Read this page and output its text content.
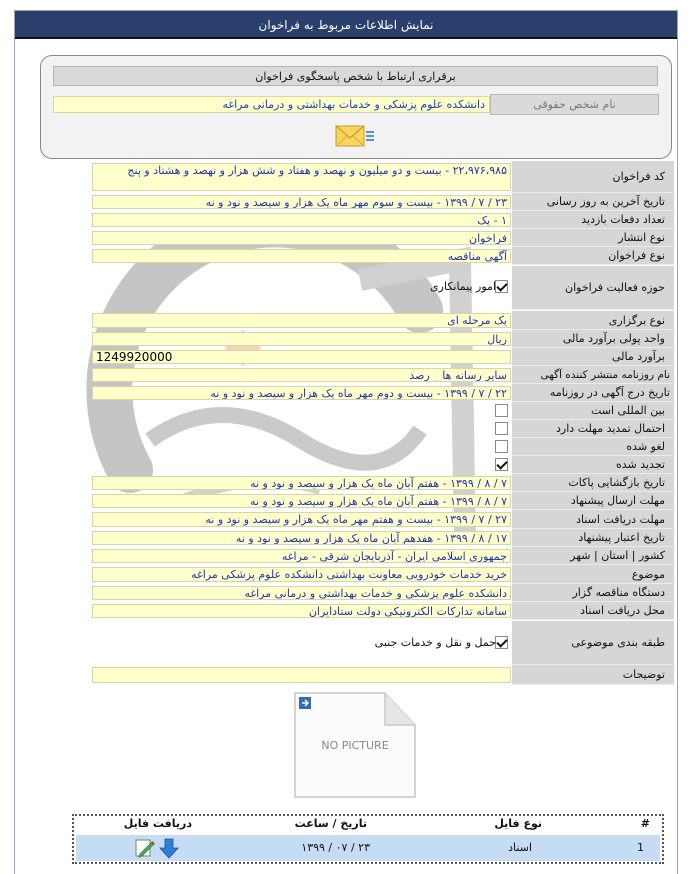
نمایش اطلاعات مربوط به فراخوان
برقراری ارتباط با شخص پاسخگوی فراخوان
نام شخص حقوقی
دانشکده علوم پزشکی و خدمات بهداشتی و درمانی مراغه
کد فراخوان
۲۲،۹۷۶،۹۸۵ - بیست و دو میلیون و نهصد و هفتاد و شش هزار و نهصد و هشتاد و پنج
تاریخ آخرین به روز رسانی
۲۳ / ۷ / ۱۳۹۹ - بیست و سوم مهر ماه یک هزار و سیصد و نود و نه
تعداد دفعات بازدید
۱ - یک
نوع انتشار
فراخوان
نوع فراخوان
آگهی مناقصه
حوزه فعالیت فراخوان
امور پیمانکاری
نوع برگزاری
یک مرحله ای
واحد پولی برآورد مالی
ریال
برآورد مالی
1249920000
نام روزنامه منتشر کننده آگهی
سایر رسانه ها _ رصد
تاریخ درج آگهی در روزنامه
۲۲ / ۷ / ۱۳۹۹ - بیست و دوم مهر ماه یک هزار و سیصد و نود و نه
بین المللی است
احتمال تمدید مهلت دارد
لغو شده
تجدید شده
تاریخ بازگشایی پاکات
۷ / ۸ / ۱۳۹۹ - هفتم آبان ماه یک هزار و سیصد و نود و نه
مهلت ارسال پیشنهاد
۷ / ۸ / ۱۳۹۹ - هفتم آبان ماه یک هزار و سیصد و نود و نه
مهلت دریافت اسناد
۲۷ / ۷ / ۱۳۹۹ - بیست و هفتم مهر ماه یک هزار و سیصد و نود و نه
تاریخ اعتبار پیشنهاد
۱۷ / ۸ / ۱۳۹۹ - هفدهم آبان ماه یک هزار و سیصد و نود و نه
کشور | استان | شهر
جمهوری اسلامی ایران - آذربایجان شرقی - مراغه
موضوع
خرید خدمات خودرویی معاونت بهداشتی دانشکده علوم پزشکی مراغه
دستگاه مناقصه گزار
دانشکده علوم پزشکی و خدمات بهداشتی و درمانی مراغه
محل دریافت اسناد
سامانه تدارکات الکترونیکی دولت ستادایران
طبقه بندی موضوعی
حمل و نقل و خدمات جنبی
توضیحات
NO PICTURE
#
نوع فایل
تاریخ / ساعت
دریافت فایل
1
اسناد
۲۳ / ۰۷ / ۱۳۹۹
